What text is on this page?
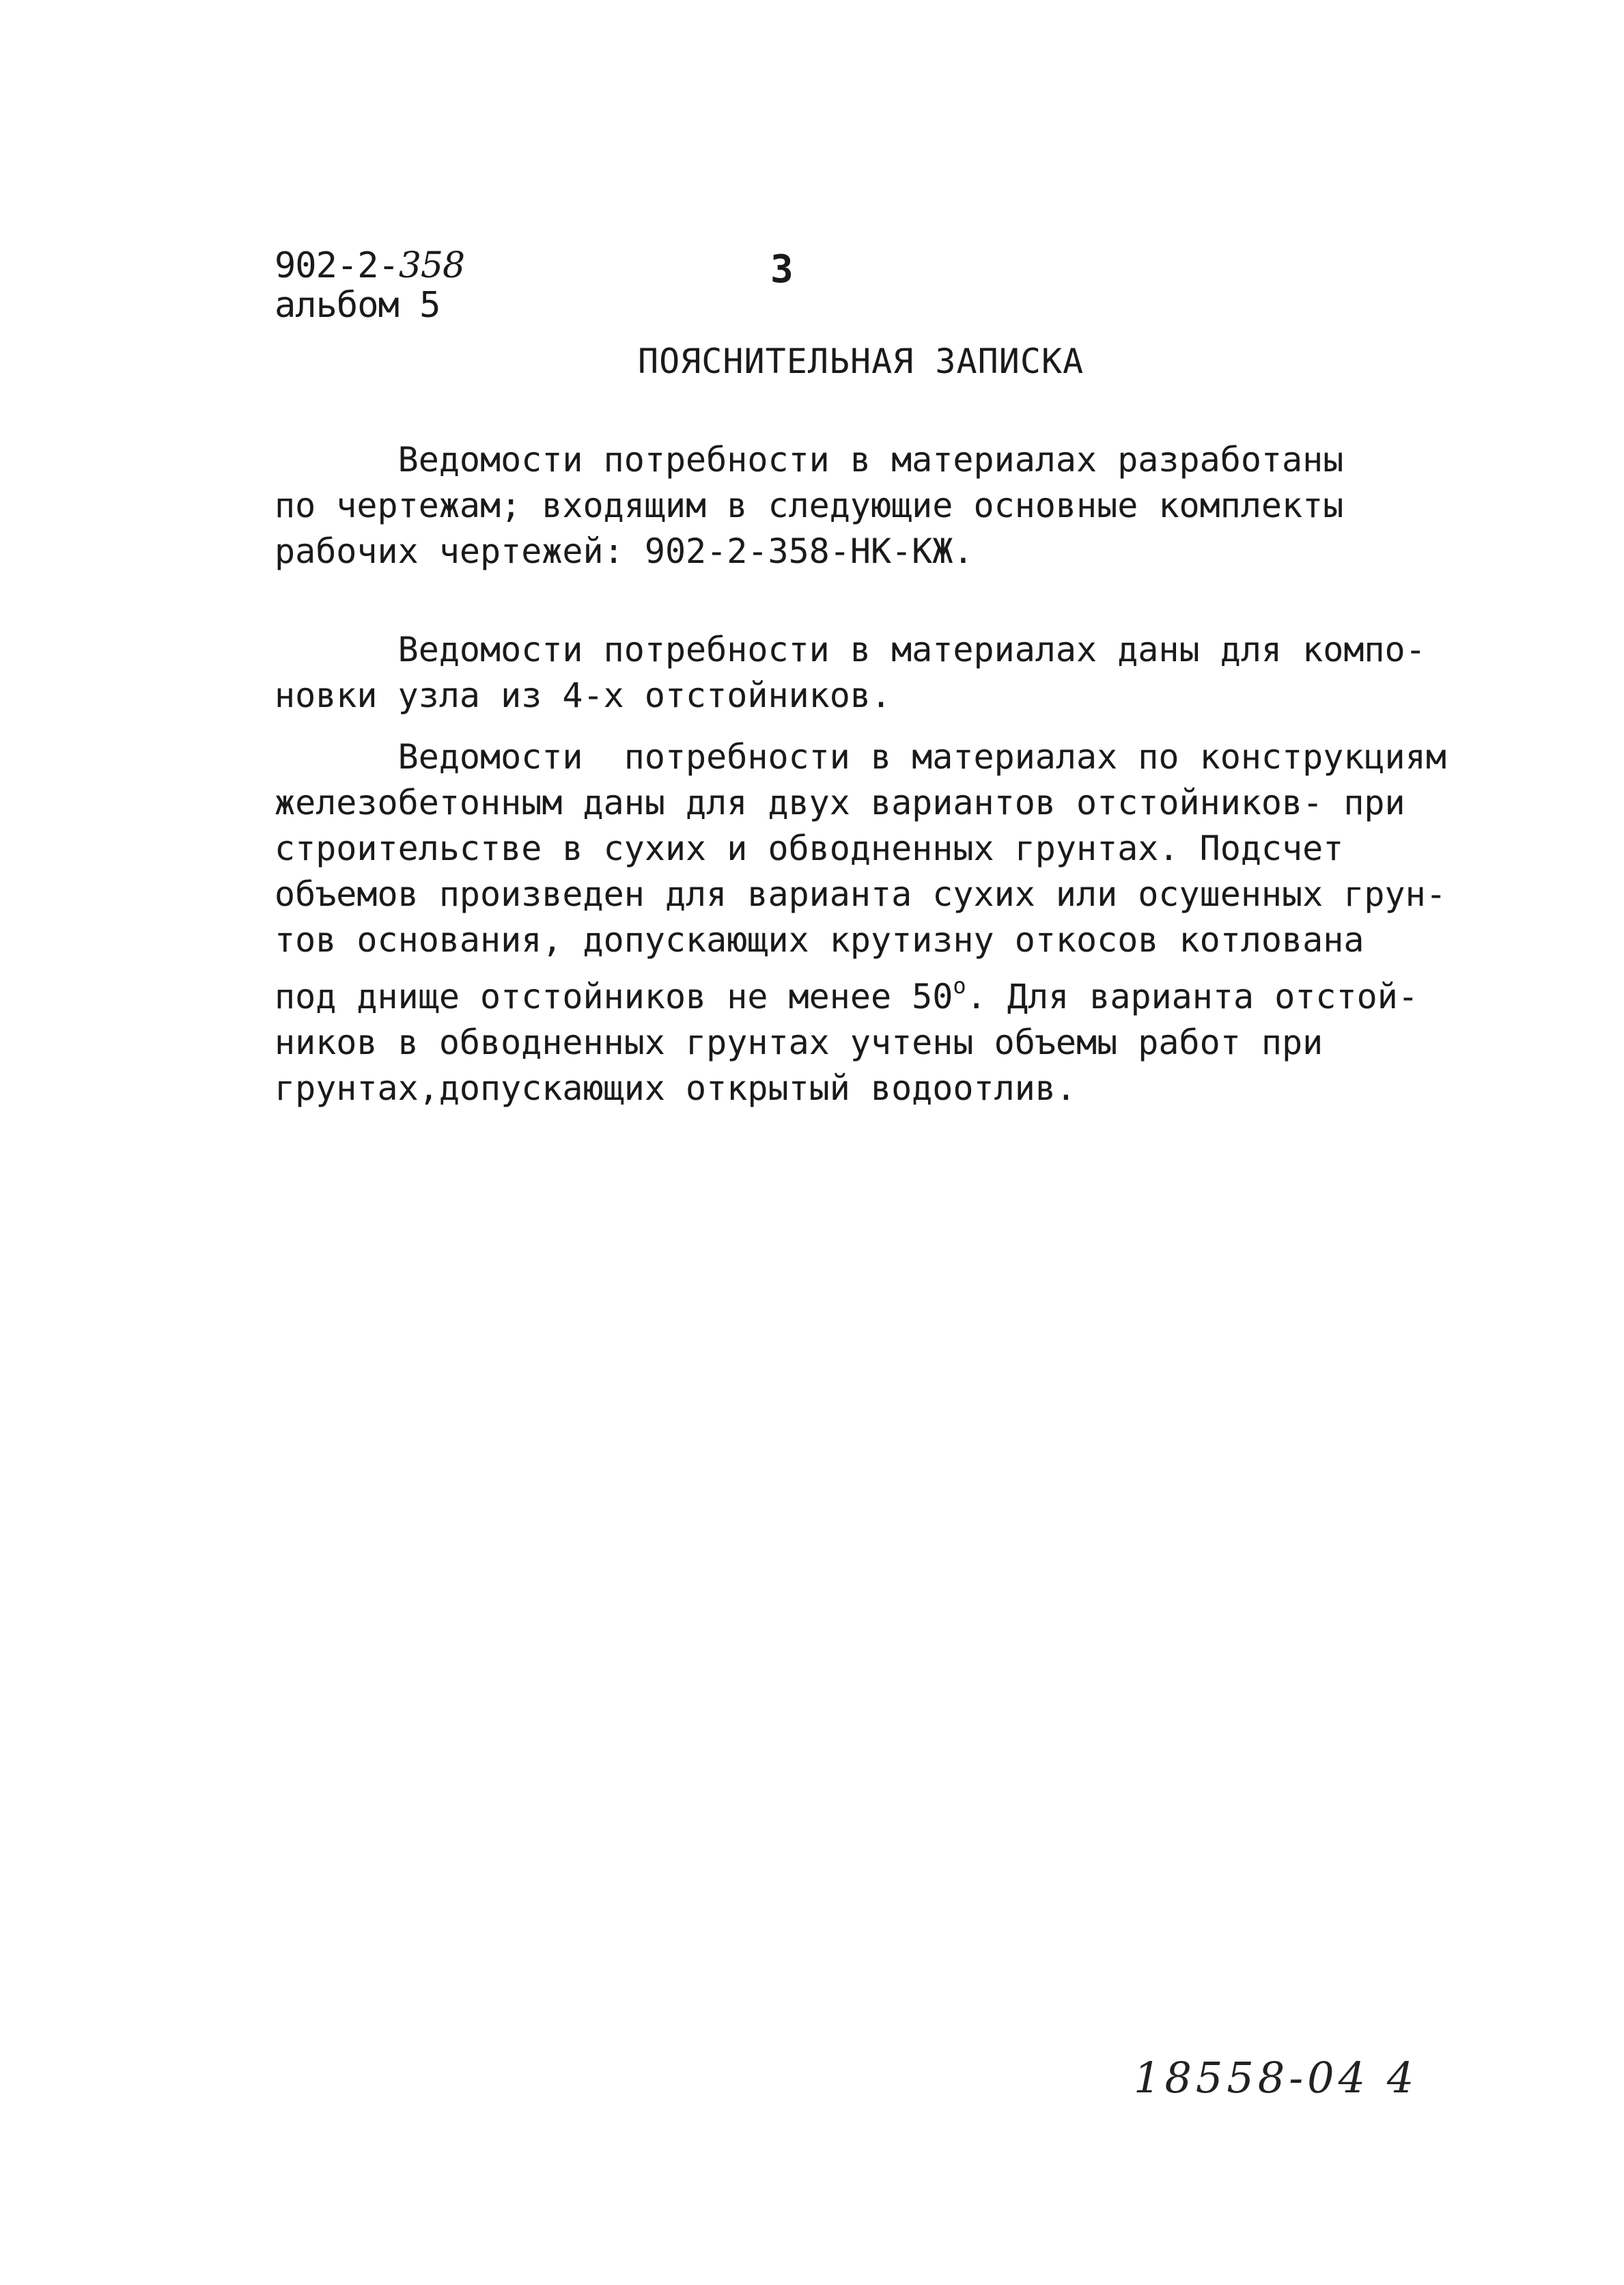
902-2-358
альбом 5
3
ПОЯСНИТЕЛЬНАЯ ЗАПИСКА

Ведомости потребности в материалах разработаны

по чертежам; входящим в следующие основные комплекты

рабочих чертежей: 902-2-358-НК-КЖ.

Ведомости потребности в материалах даны для компо-

новки узла из 4-х отстойников.

Ведомости  потребности в материалах по конструкциям

железобетонным даны для двух вариантов отстойников- при

строительстве в сухих и обводненных грунтах. Подсчет

объемов произведен для варианта сухих или осушенных грун-

тов основания, допускающих крутизну откосов котлована

под днище отстойников не менее $50^о$. Для варианта отстой-

ников в обводненных грунтах учтены объемы работ при

грунтах,допускающих открытый водоотлив.

18558-04 4
